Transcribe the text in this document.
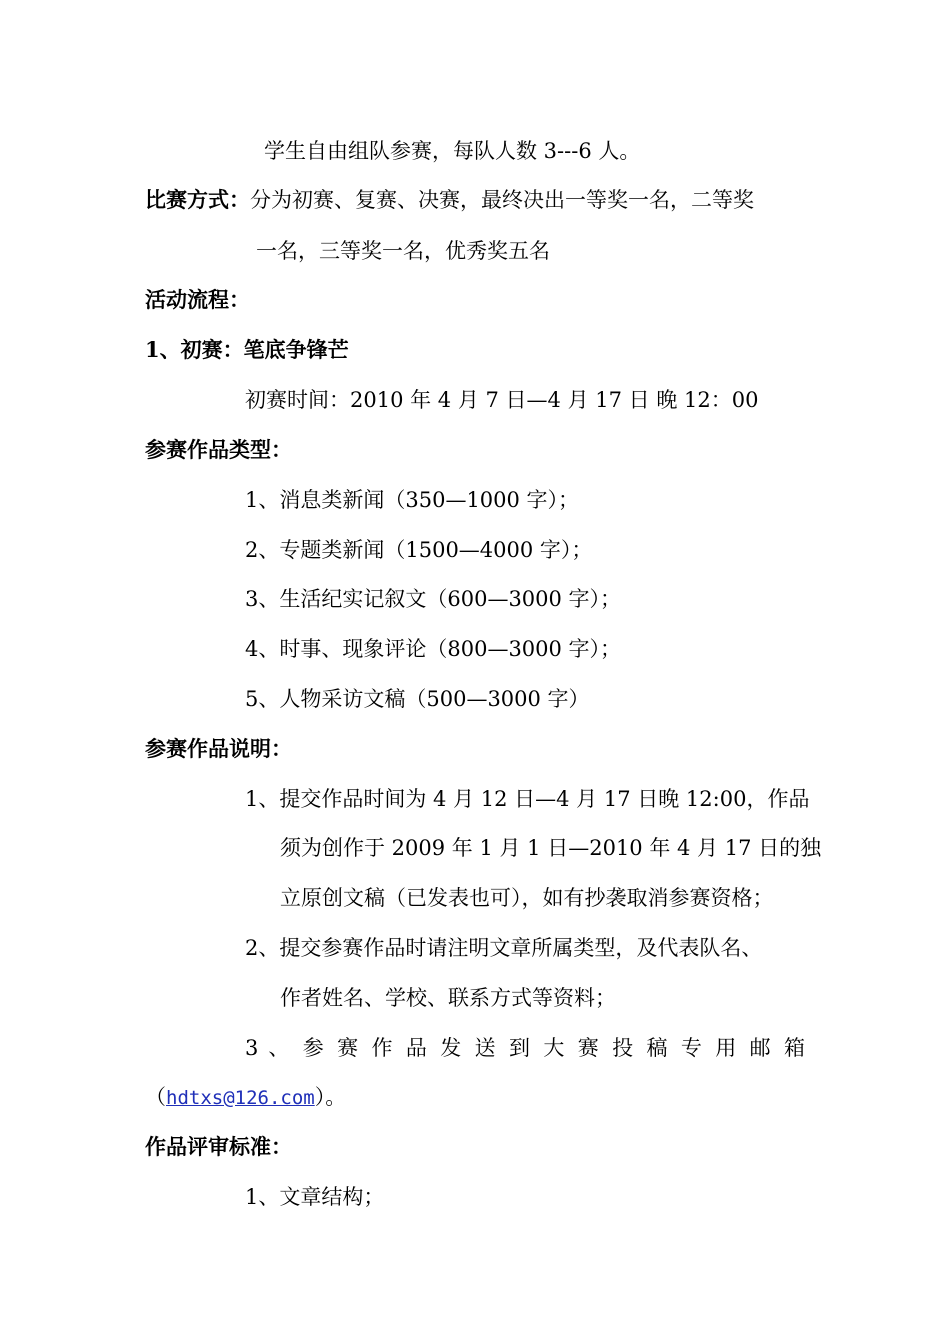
学生自由组队参赛，每队人数 3---6 人。
比赛方式：分为初赛、复赛、决赛，最终决出一等奖一名，二等奖
一名，三等奖一名，优秀奖五名
活动流程：
1、初赛：笔底争锋芒
初赛时间：2010 年 4 月 7 日—4 月 17 日 晚 12：00
参赛作品类型：
1、消息类新闻（350—1000 字）；
2、专题类新闻（1500—4000 字）；
3、生活纪实记叙文（600—3000 字）；
4、时事、现象评论（800—3000 字）；
5、人物采访文稿（500—3000 字）
参赛作品说明：
1、提交作品时间为 4 月 12 日—4 月 17 日晚 12:00，作品
须为创作于 2009 年 1 月 1 日—2010 年 4 月 17 日的独
立原创文稿（已发表也可），如有抄袭取消参赛资格；
2、提交参赛作品时请注明文章所属类型，及代表队名、
作者姓名、学校、联系方式等资料；
3 、 参 赛 作 品 发 送 到 大 赛 投 稿 专 用 邮 箱
（hdtxs@126.com）。
作品评审标准：
1、文章结构；
